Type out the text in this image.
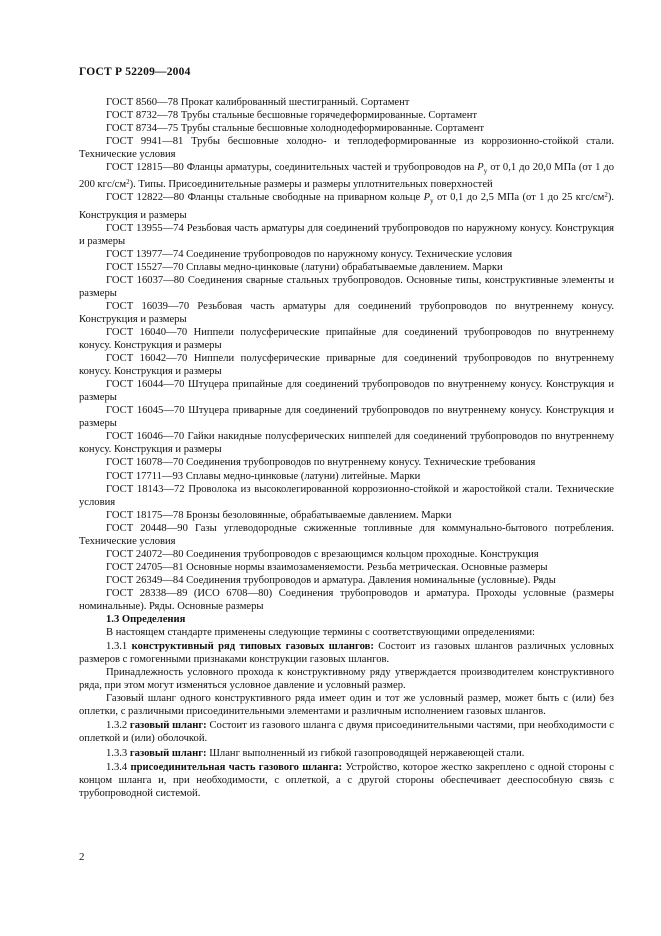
ГОСТ Р 52209—2004

ГОСТ 8560—78 Прокат калиброванный шестигранный. Сортамент

ГОСТ 8732—78 Трубы стальные бесшовные горячедеформированные. Сортамент

ГОСТ 8734—75 Трубы стальные бесшовные холоднодеформированные. Сортамент

ГОСТ 9941—81 Трубы бесшовные холодно- и теплодеформированные из коррозионно-стойкой стали. Технические условия

ГОСТ 12815—80 Фланцы арматуры, соединительных частей и трубопроводов на $P_y$ от 0,1 до 20,0 МПа (от 1 до 200 кгс/$см^2$). Типы. Присоединительные размеры и размеры уплотнительных поверхностей

ГОСТ 12822—80 Фланцы стальные свободные на приварном кольце $P_y$ от 0,1 до 2,5 МПа (от 1 до 25 кгс/$см^2$). Конструкция и размеры

ГОСТ 13955—74 Резьбовая часть арматуры для соединений трубопроводов по наружному конусу. Конструкция и размеры

ГОСТ 13977—74 Соединение трубопроводов по наружному конусу. Технические условия

ГОСТ 15527—70 Сплавы медно-цинковые (латуни) обрабатываемые давлением. Марки

ГОСТ 16037—80 Соединения сварные стальных трубопроводов. Основные типы, конструктивные элементы и размеры

ГОСТ 16039—70 Резьбовая часть арматуры для соединений трубопроводов по внутреннему конусу. Конструкция и размеры

ГОСТ 16040—70 Ниппели полусферические припайные для соединений трубопроводов по внутреннему конусу. Конструкция и размеры

ГОСТ 16042—70 Ниппели полусферические приварные для соединений трубопроводов по внутреннему конусу. Конструкция и размеры

ГОСТ 16044—70 Штуцера припайные для соединений трубопроводов по внутреннему конусу. Конструкция и размеры

ГОСТ 16045—70 Штуцера приварные для соединений трубопроводов по внутреннему конусу. Конструкция и размеры

ГОСТ 16046—70 Гайки накидные полусферических ниппелей для соединений трубопроводов по внутреннему конусу. Конструкция и размеры

ГОСТ 16078—70 Соединения трубопроводов по внутреннему конусу. Технические требования

ГОСТ 17711—93 Сплавы медно-цинковые (латуни) литейные. Марки

ГОСТ 18143—72 Проволока из высоколегированной коррозионно-стойкой и жаростойкой стали. Технические условия

ГОСТ 18175—78 Бронзы безоловянные, обрабатываемые давлением. Марки

ГОСТ 20448—90 Газы углеводородные сжиженные топливные для коммунально-бытового потребления. Технические условия

ГОСТ 24072—80 Соединения трубопроводов с врезающимся кольцом проходные. Конструкция

ГОСТ 24705—81 Основные нормы взаимозаменяемости. Резьба метрическая. Основные размеры

ГОСТ 26349—84 Соединения трубопроводов и арматура. Давления номинальные (условные). Ряды

ГОСТ 28338—89 (ИСО 6708—80) Соединения трубопроводов и арматура. Проходы условные (размеры номинальные). Ряды. Основные размеры

1.3 Определения

В настоящем стандарте применены следующие термины с соответствующими определениями:

1.3.1 конструктивный ряд типовых газовых шлангов: Состоит из газовых шлангов различных условных размеров с гомогенными признаками конструкции газовых шлангов.

Принадлежность условного прохода к конструктивному ряду утверждается производителем конструктивного ряда, при этом могут изменяться условное давление и условный размер.

Газовый шланг одного конструктивного ряда имеет один и тот же условный размер, может быть с (или) без оплетки, с различными присоединительными элементами и различным исполнением газовых шлангов.

1.3.2 газовый шланг: Состоит из газового шланга с двумя присоединительными частями, при необходимости с оплеткой и (или) оболочкой.

1.3.3 газовый шланг: Шланг выполненный из гибкой газопроводящей нержавеющей стали.

1.3.4 присоединительная часть газового шланга: Устройство, которое жестко закреплено с одной стороны с концом шланга и, при необходимости, с оплеткой, а с другой стороны обеспечивает дееспособную связь с трубопроводной системой.

2
